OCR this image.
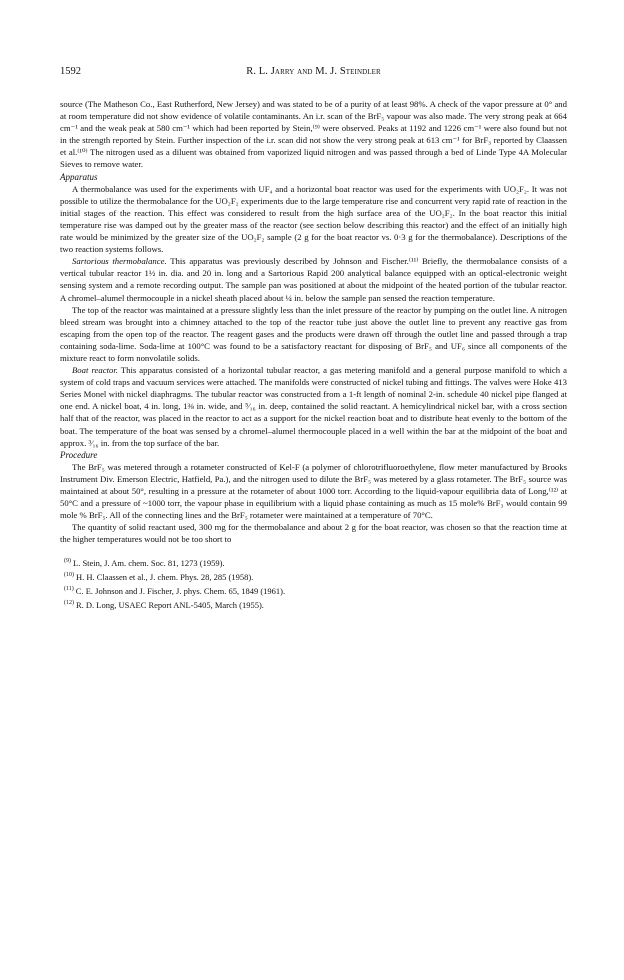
1592	R. L. Jarry and M. J. Steindler

source (The Matheson Co., East Rutherford, New Jersey) and was stated to be of a purity of at least 98%. A check of the vapor pressure at 0° and at room temperature did not show evidence of volatile contaminants. An i.r. scan of the BrF₅ vapour was also made. The very strong peak at 664 cm⁻¹ and the weak peak at 580 cm⁻¹ which had been reported by Stein,⁽⁹⁾ were observed. Peaks at 1192 and 1226 cm⁻¹ were also found but not in the strength reported by Stein. Further inspection of the i.r. scan did not show the very strong peak at 613 cm⁻¹ for BrF₃ reported by Claassen et al.⁽¹⁰⁾ The nitrogen used as a diluent was obtained from vaporized liquid nitrogen and was passed through a bed of Linde Type 4A Molecular Sieves to remove water.

Apparatus

A thermobalance was used for the experiments with UF₄ and a horizontal boat reactor was used for the experiments with UO₂F₂. It was not possible to utilize the thermobalance for the UO₂F₂ experiments due to the large temperature rise and concurrent very rapid rate of reaction in the initial stages of the reaction. This effect was considered to result from the high surface area of the UO₂F₂. In the boat reactor this initial temperature rise was damped out by the greater mass of the reactor (see section below describing this reactor) and the effect of an initially high rate would be minimized by the greater size of the UO₂F₂ sample (2 g for the boat reactor vs. 0·3 g for the thermobalance). Descriptions of the two reaction systems follows.

Sartorious thermobalance. This apparatus was previously described by Johnson and Fischer.⁽¹¹⁾ Briefly, the thermobalance consists of a vertical tubular reactor 1½ in. dia. and 20 in. long and a Sartorious Rapid 200 analytical balance equipped with an optical-electronic weight sensing system and a remote recording output. The sample pan was positioned at about the midpoint of the heated portion of the tubular reactor. A chromel–alumel thermocouple in a nickel sheath placed about ¼ in. below the sample pan sensed the reaction temperature.

The top of the reactor was maintained at a pressure slightly less than the inlet pressure of the reactor by pumping on the outlet line. A nitrogen bleed stream was brought into a chimney attached to the top of the reactor tube just above the outlet line to prevent any reactive gas from escaping from the open top of the reactor. The reagent gases and the products were drawn off through the outlet line and passed through a trap containing soda-lime. Soda-lime at 100°C was found to be a satisfactory reactant for disposing of BrF₅ and UF₆ since all components of the mixture react to form nonvolatile solids.

Boat reactor. This apparatus consisted of a horizontal tubular reactor, a gas metering manifold and a general purpose manifold to which a system of cold traps and vacuum services were attached. The manifolds were constructed of nickel tubing and fittings. The valves were Hoke 413 Series Monel with nickel diaphragms. The tubular reactor was constructed from a 1-ft length of nominal 2-in. schedule 40 nickel pipe flanged at one end. A nickel boat, 4 in. long, 1⅜ in. wide, and ⁵⁄₁₆ in. deep, contained the solid reactant. A hemicylindrical nickel bar, with a cross section half that of the reactor, was placed in the reactor to act as a support for the nickel reaction boat and to distribute heat evenly to the bottom of the boat. The temperature of the boat was sensed by a chromel–alumel thermocouple placed in a well within the bar at the midpoint of the boat and approx. ³⁄₁₆ in. from the top surface of the bar.

Procedure

The BrF₅ was metered through a rotameter constructed of Kel-F (a polymer of chlorotrifluoroethylene, flow meter manufactured by Brooks Instrument Div. Emerson Electric, Hatfield, Pa.), and the nitrogen used to dilute the BrF₅ was metered by a glass rotameter. The BrF₅ source was maintained at about 50°, resulting in a pressure at the rotameter of about 1000 torr. According to the liquid-vapour equilibria data of Long,⁽¹²⁾ at 50°C and a pressure of ~1000 torr, the vapour phase in equilibrium with a liquid phase containing as much as 15 mole% BrF₃ would contain 99 mole % BrF₅. All of the connecting lines and the BrF₅ rotameter were maintained at a temperature of 70°C.

The quantity of solid reactant used, 300 mg for the thermobalance and about 2 g for the boat reactor, was chosen so that the reaction time at the higher temperatures would not be too short to

$^{(9)}$ L. Stein, J. Am. chem. Soc. 81, 1273 (1959).
$^{(10)}$ H. H. Claassen et al., J. chem. Phys. 28, 285 (1958).
$^{(11)}$ C. E. Johnson and J. Fischer, J. phys. Chem. 65, 1849 (1961).
$^{(12)}$ R. D. Long, USAEC Report ANL-5405, March (1955).
